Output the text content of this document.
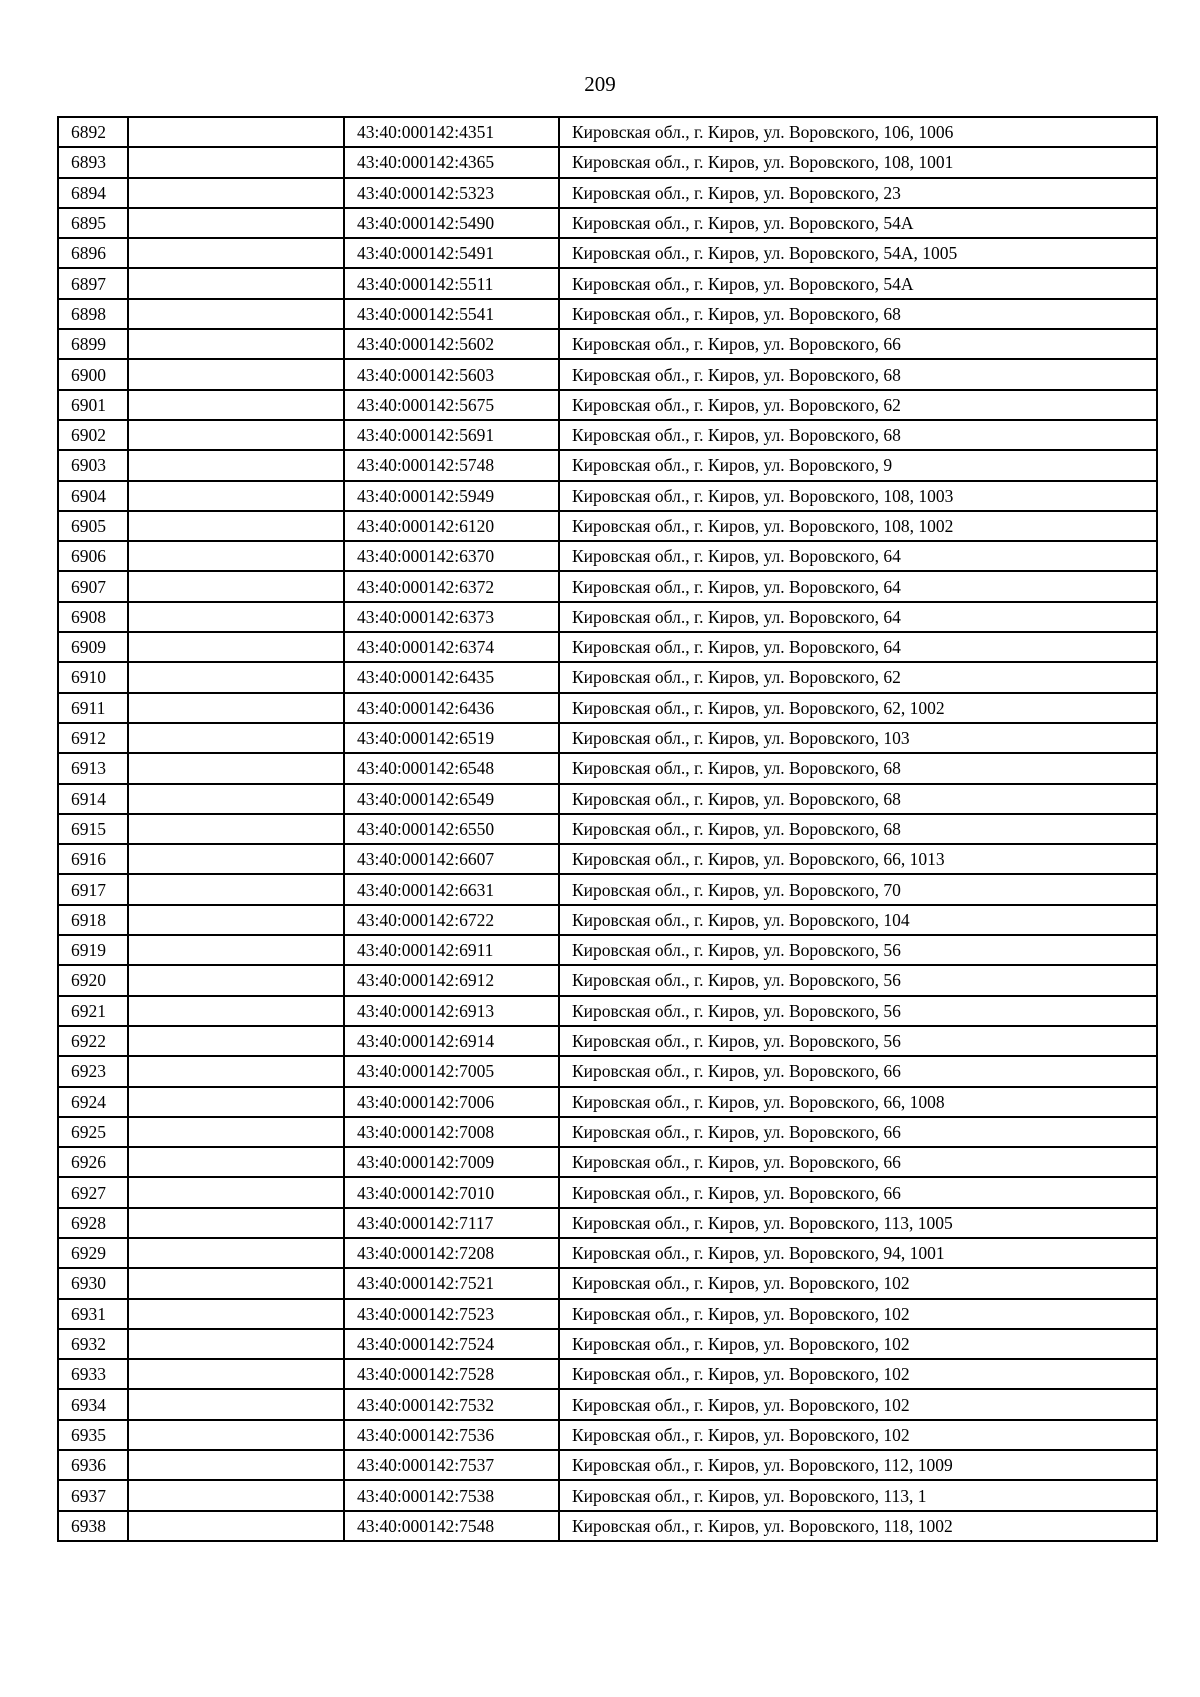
209
6892		43:40:000142:4351	Кировская обл., г. Киров, ул. Воровского, 106, 1006
6893		43:40:000142:4365	Кировская обл., г. Киров, ул. Воровского, 108, 1001
6894		43:40:000142:5323	Кировская обл., г. Киров, ул. Воровского, 23
6895		43:40:000142:5490	Кировская обл., г. Киров, ул. Воровского, 54А
6896		43:40:000142:5491	Кировская обл., г. Киров, ул. Воровского, 54А, 1005
6897		43:40:000142:5511	Кировская обл., г. Киров, ул. Воровского, 54А
6898		43:40:000142:5541	Кировская обл., г. Киров, ул. Воровского, 68
6899		43:40:000142:5602	Кировская обл., г. Киров, ул. Воровского, 66
6900		43:40:000142:5603	Кировская обл., г. Киров, ул. Воровского, 68
6901		43:40:000142:5675	Кировская обл., г. Киров, ул. Воровского, 62
6902		43:40:000142:5691	Кировская обл., г. Киров, ул. Воровского, 68
6903		43:40:000142:5748	Кировская обл., г. Киров, ул. Воровского, 9
6904		43:40:000142:5949	Кировская обл., г. Киров, ул. Воровского, 108, 1003
6905		43:40:000142:6120	Кировская обл., г. Киров, ул. Воровского, 108, 1002
6906		43:40:000142:6370	Кировская обл., г. Киров, ул. Воровского, 64
6907		43:40:000142:6372	Кировская обл., г. Киров, ул. Воровского, 64
6908		43:40:000142:6373	Кировская обл., г. Киров, ул. Воровского, 64
6909		43:40:000142:6374	Кировская обл., г. Киров, ул. Воровского, 64
6910		43:40:000142:6435	Кировская обл., г. Киров, ул. Воровского, 62
6911		43:40:000142:6436	Кировская обл., г. Киров, ул. Воровского, 62, 1002
6912		43:40:000142:6519	Кировская обл., г. Киров, ул. Воровского, 103
6913		43:40:000142:6548	Кировская обл., г. Киров, ул. Воровского, 68
6914		43:40:000142:6549	Кировская обл., г. Киров, ул. Воровского, 68
6915		43:40:000142:6550	Кировская обл., г. Киров, ул. Воровского, 68
6916		43:40:000142:6607	Кировская обл., г. Киров, ул. Воровского, 66, 1013
6917		43:40:000142:6631	Кировская обл., г. Киров, ул. Воровского, 70
6918		43:40:000142:6722	Кировская обл., г. Киров, ул. Воровского, 104
6919		43:40:000142:6911	Кировская обл., г. Киров, ул. Воровского, 56
6920		43:40:000142:6912	Кировская обл., г. Киров, ул. Воровского, 56
6921		43:40:000142:6913	Кировская обл., г. Киров, ул. Воровского, 56
6922		43:40:000142:6914	Кировская обл., г. Киров, ул. Воровского, 56
6923		43:40:000142:7005	Кировская обл., г. Киров, ул. Воровского, 66
6924		43:40:000142:7006	Кировская обл., г. Киров, ул. Воровского, 66, 1008
6925		43:40:000142:7008	Кировская обл., г. Киров, ул. Воровского, 66
6926		43:40:000142:7009	Кировская обл., г. Киров, ул. Воровского, 66
6927		43:40:000142:7010	Кировская обл., г. Киров, ул. Воровского, 66
6928		43:40:000142:7117	Кировская обл., г. Киров, ул. Воровского, 113, 1005
6929		43:40:000142:7208	Кировская обл., г. Киров, ул. Воровского, 94, 1001
6930		43:40:000142:7521	Кировская обл., г. Киров, ул. Воровского, 102
6931		43:40:000142:7523	Кировская обл., г. Киров, ул. Воровского, 102
6932		43:40:000142:7524	Кировская обл., г. Киров, ул. Воровского, 102
6933		43:40:000142:7528	Кировская обл., г. Киров, ул. Воровского, 102
6934		43:40:000142:7532	Кировская обл., г. Киров, ул. Воровского, 102
6935		43:40:000142:7536	Кировская обл., г. Киров, ул. Воровского, 102
6936		43:40:000142:7537	Кировская обл., г. Киров, ул. Воровского, 112, 1009
6937		43:40:000142:7538	Кировская обл., г. Киров, ул. Воровского, 113, 1
6938		43:40:000142:7548	Кировская обл., г. Киров, ул. Воровского, 118, 1002
